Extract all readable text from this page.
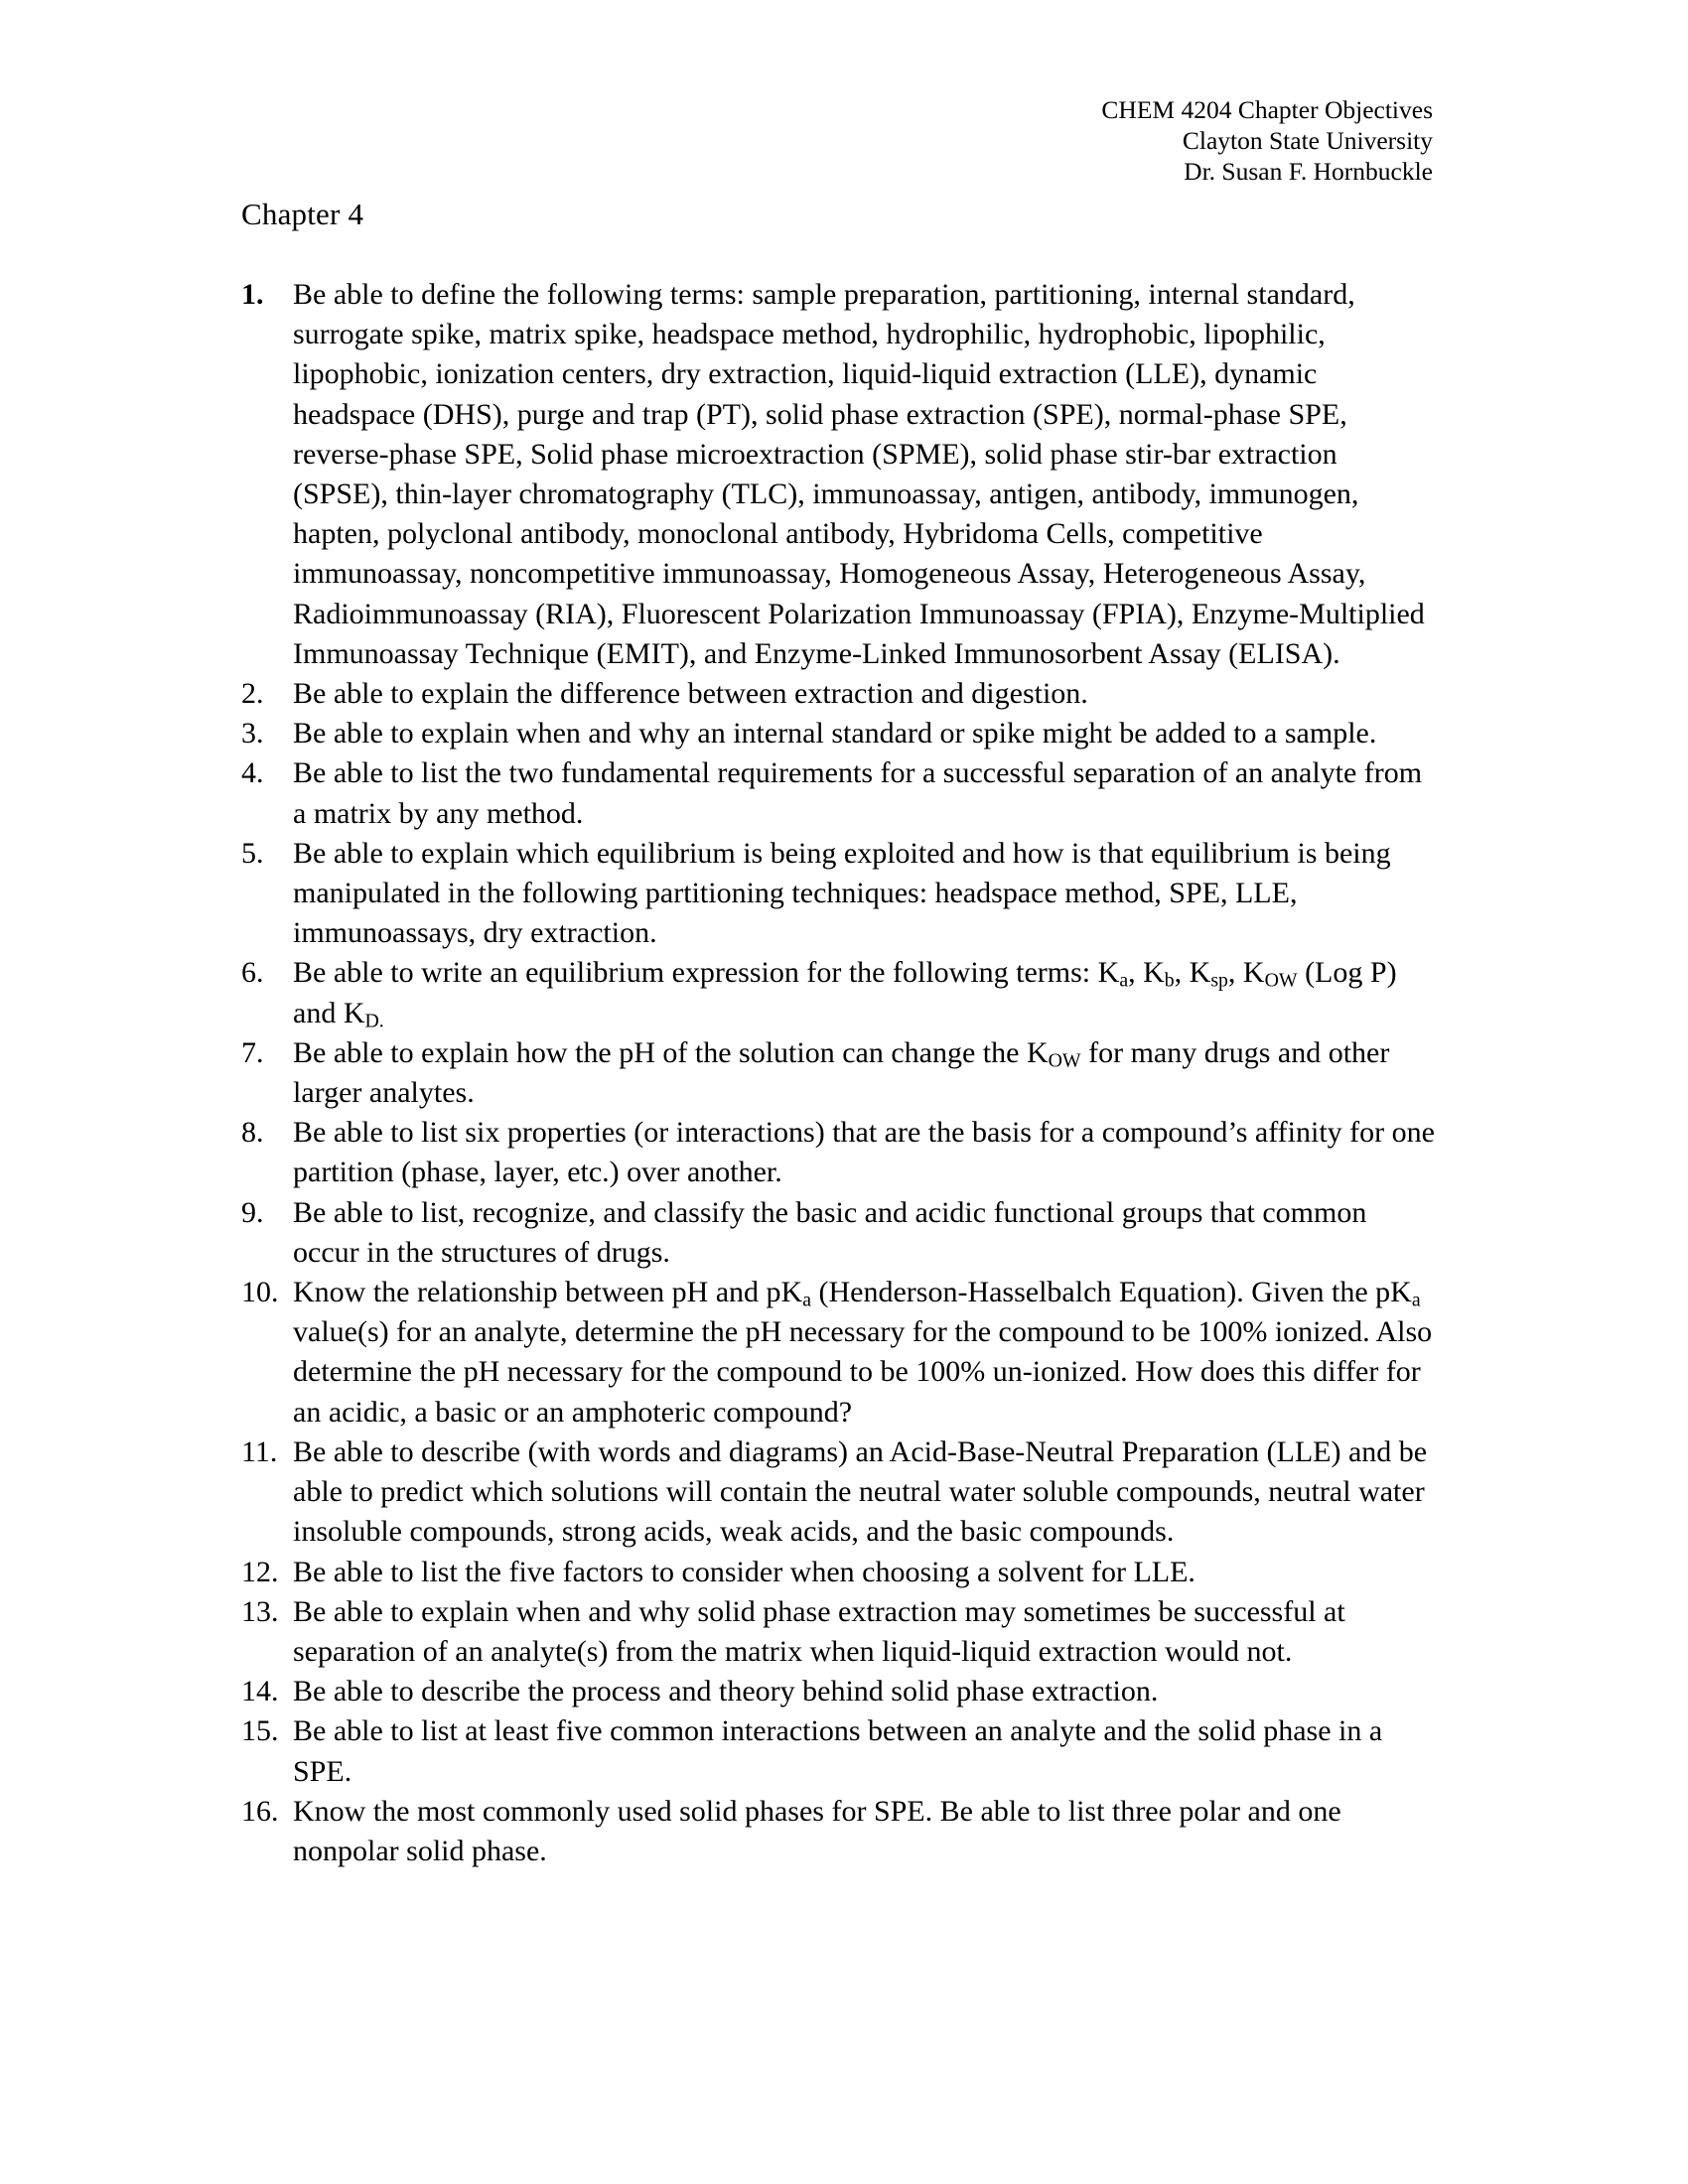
CHEM 4204 Chapter Objectives
Clayton State University
Dr. Susan F. Hornbuckle
Chapter 4
1. Be able to define the following terms: sample preparation, partitioning, internal standard, surrogate spike, matrix spike, headspace method, hydrophilic, hydrophobic, lipophilic, lipophobic, ionization centers, dry extraction, liquid-liquid extraction (LLE), dynamic headspace (DHS), purge and trap (PT), solid phase extraction (SPE), normal-phase SPE, reverse-phase SPE, Solid phase microextraction (SPME), solid phase stir-bar extraction (SPSE), thin-layer chromatography (TLC), immunoassay, antigen, antibody, immunogen, hapten, polyclonal antibody, monoclonal antibody, Hybridoma Cells, competitive immunoassay, noncompetitive immunoassay, Homogeneous Assay, Heterogeneous Assay, Radioimmunoassay (RIA), Fluorescent Polarization Immunoassay (FPIA), Enzyme-Multiplied Immunoassay Technique (EMIT), and Enzyme-Linked Immunosorbent Assay (ELISA).
2. Be able to explain the difference between extraction and digestion.
3. Be able to explain when and why an internal standard or spike might be added to a sample.
4. Be able to list the two fundamental requirements for a successful separation of an analyte from a matrix by any method.
5. Be able to explain which equilibrium is being exploited and how is that equilibrium is being manipulated in the following partitioning techniques: headspace method, SPE, LLE, immunoassays, dry extraction.
6. Be able to write an equilibrium expression for the following terms: $K_a$, $K_b$, $K_{sp}$, $K_{OW}$ (Log P) and $K_{D.}$
7. Be able to explain how the pH of the solution can change the $K_{OW}$ for many drugs and other larger analytes.
8. Be able to list six properties (or interactions) that are the basis for a compound’s affinity for one partition (phase, layer, etc.) over another.
9. Be able to list, recognize, and classify the basic and acidic functional groups that common occur in the structures of drugs.
10. Know the relationship between pH and $pK_a$ (Henderson-Hasselbalch Equation). Given the $pK_a$ value(s) for an analyte, determine the pH necessary for the compound to be 100% ionized. Also determine the pH necessary for the compound to be 100% un-ionized. How does this differ for an acidic, a basic or an amphoteric compound?
11. Be able to describe (with words and diagrams) an Acid-Base-Neutral Preparation (LLE) and be able to predict which solutions will contain the neutral water soluble compounds, neutral water insoluble compounds, strong acids, weak acids, and the basic compounds.
12. Be able to list the five factors to consider when choosing a solvent for LLE.
13. Be able to explain when and why solid phase extraction may sometimes be successful at separation of an analyte(s) from the matrix when liquid-liquid extraction would not.
14. Be able to describe the process and theory behind solid phase extraction.
15. Be able to list at least five common interactions between an analyte and the solid phase in a SPE.
16. Know the most commonly used solid phases for SPE. Be able to list three polar and one nonpolar solid phase.
